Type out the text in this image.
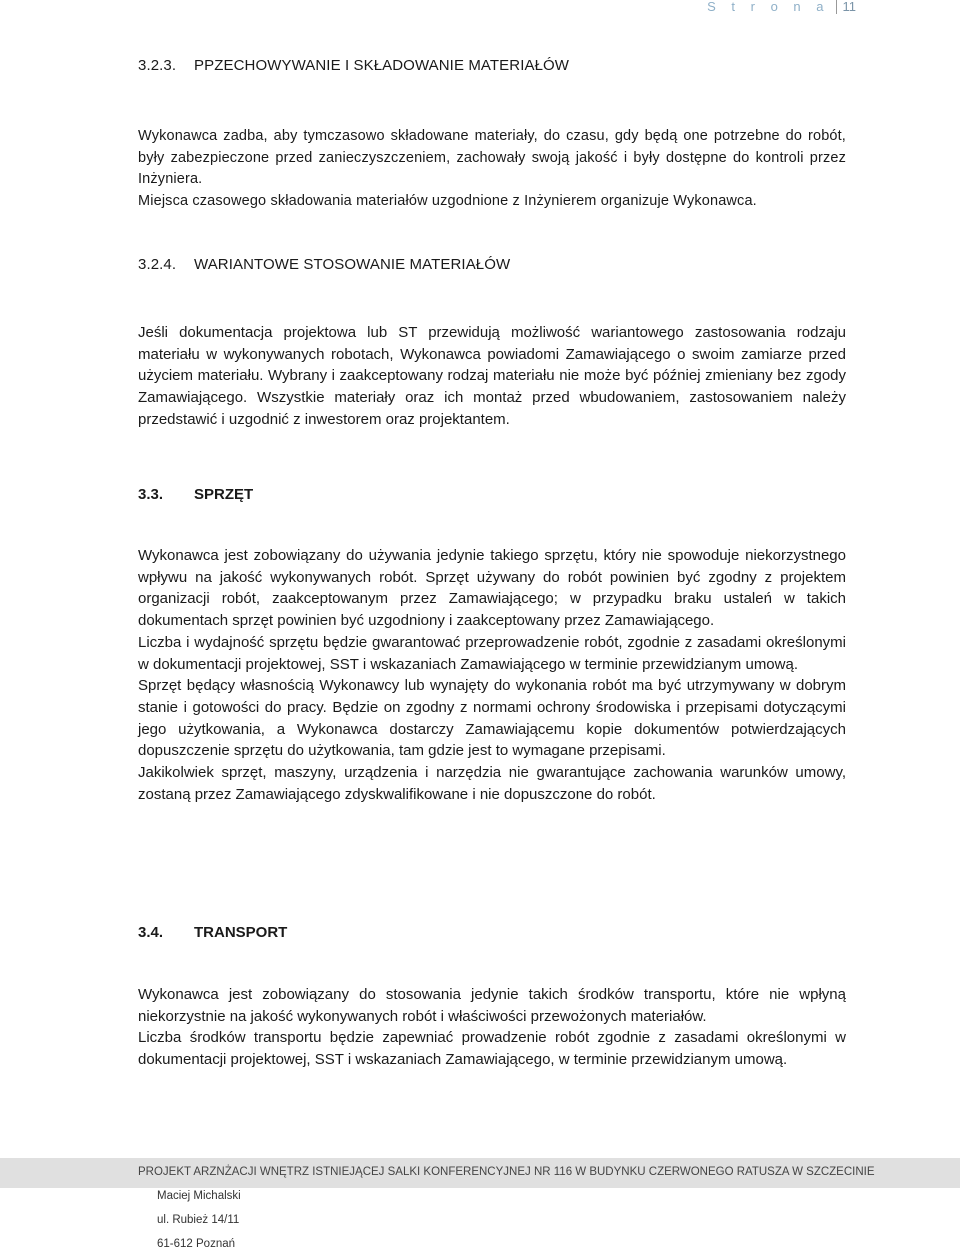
S t r o n a	11
3.2.3. PPZECHOWYWANIE I SKŁADOWANIE MATERIAŁÓW

Wykonawca zadba, aby tymczasowo składowane materiały, do czasu, gdy będą one potrzebne do robót, były zabezpieczone przed zanieczyszczeniem, zachowały swoją jakość i były dostępne do kontroli przez Inżyniera.

Miejsca czasowego składowania materiałów uzgodnione z Inżynierem organizuje Wykonawca.

3.2.4. WARIANTOWE STOSOWANIE MATERIAŁÓW

Jeśli dokumentacja projektowa lub ST przewidują możliwość wariantowego zastosowania rodzaju materiału w wykonywanych robotach, Wykonawca powiadomi Zamawiającego o swoim zamiarze przed użyciem materiału. Wybrany i zaakceptowany rodzaj materiału nie może być później zmieniany bez zgody Zamawiającego. Wszystkie materiały oraz ich montaż przed wbudowaniem, zastosowaniem należy przedstawić i uzgodnić z inwestorem oraz projektantem.

3.3. SPRZĘT

Wykonawca jest zobowiązany do używania jedynie takiego sprzętu, który nie spowoduje niekorzystnego wpływu na jakość wykonywanych robót. Sprzęt używany do robót powinien być zgodny z projektem organizacji robót, zaakceptowanym przez Zamawiającego; w przypadku braku ustaleń w takich dokumentach sprzęt powinien być uzgodniony i zaakceptowany przez Zamawiającego.

Liczba i wydajność sprzętu będzie gwarantować przeprowadzenie robót, zgodnie z zasadami określonymi w dokumentacji projektowej, SST i wskazaniach Zamawiającego w terminie przewidzianym umową.

Sprzęt będący własnością Wykonawcy lub wynajęty do wykonania robót ma być utrzymywany w dobrym stanie i gotowości do pracy. Będzie on zgodny z normami ochrony środowiska i przepisami dotyczącymi jego użytkowania, a Wykonawca dostarczy Zamawiającemu kopie dokumentów potwierdzających dopuszczenie sprzętu do użytkowania, tam gdzie jest to wymagane przepisami.

Jakikolwiek sprzęt, maszyny, urządzenia i narzędzia nie gwarantujące zachowania warunków umowy, zostaną przez Zamawiającego zdyskwalifikowane i nie dopuszczone do robót.

3.4. TRANSPORT

Wykonawca jest zobowiązany do stosowania jedynie takich środków transportu, które nie wpłyną niekorzystnie na jakość wykonywanych robót i właściwości przewożonych materiałów.

Liczba środków transportu będzie zapewniać prowadzenie robót zgodnie z zasadami określonymi w dokumentacji projektowej, SST i wskazaniach Zamawiającego, w terminie przewidzianym umową.

PROJEKT ARZNŻACJI WNĘTRZ ISTNIEJĄCEJ SALKI KONFERENCYJNEJ NR 116 W BUDYNKU CZERWONEGO RATUSZA W SZCZECINIE
Maciej Michalski
ul. Rubież 14/11
61-612 Poznań
